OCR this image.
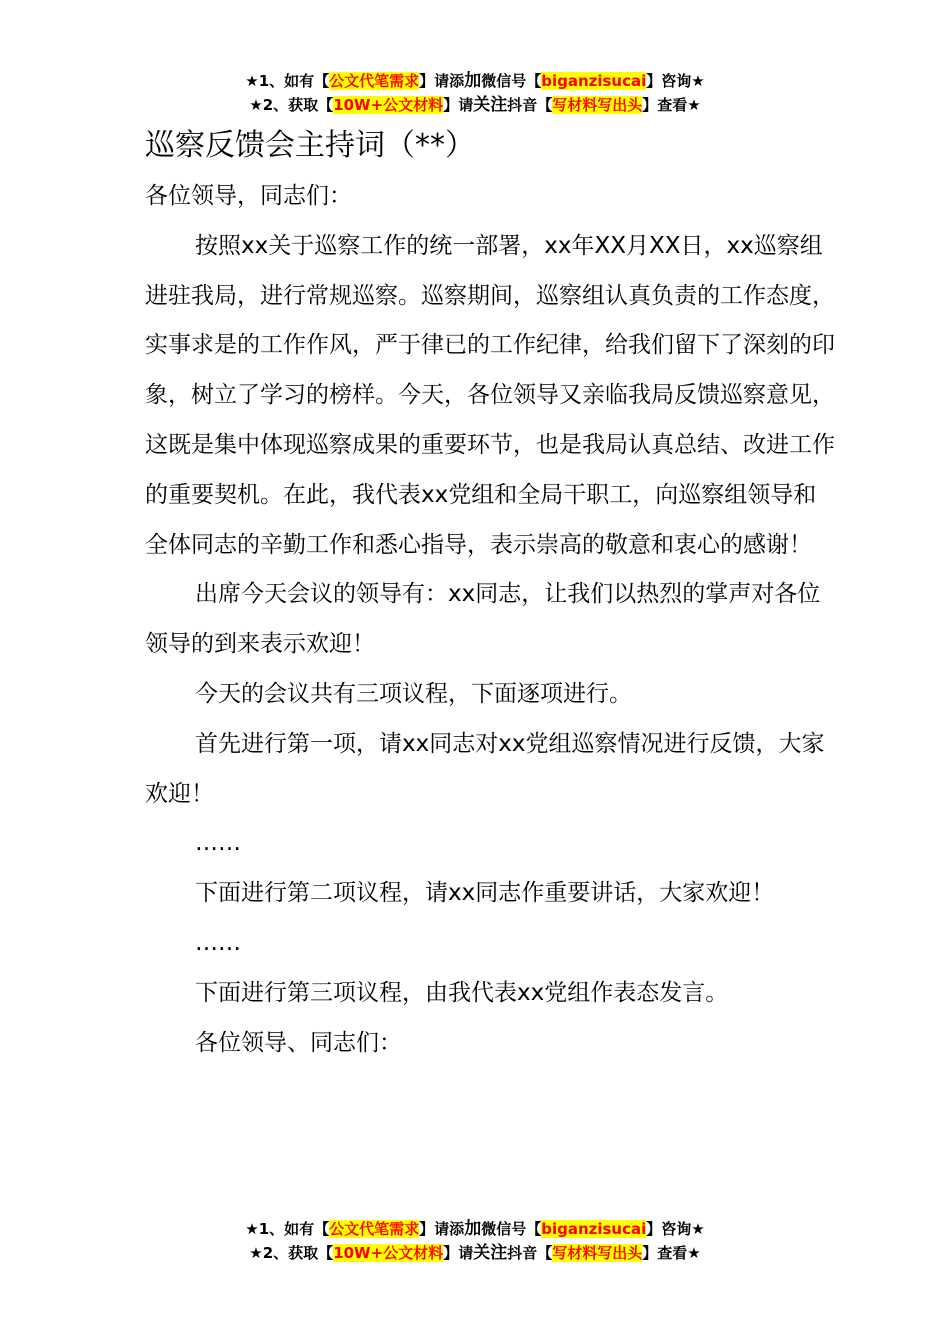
★1、如有【公文代笔需求】请添加微信号【biganzisucai】咨询★
★2、获取【10W+公文材料】请关注抖音【写材料写出头】查看★
巡察反馈会主持词（**）

各位领导，同志们：

按照xx关于巡察工作的统一部署，xx年XX月XX日，xx巡察组进驻我局，进行常规巡察。巡察期间，巡察组认真负责的工作态度，实事求是的工作作风，严于律已的工作纪律，给我们留下了深刻的印象，树立了学习的榜样。今天，各位领导又亲临我局反馈巡察意见，这既是集中体现巡察成果的重要环节，也是我局认真总结、改进工作的重要契机。在此，我代表xx党组和全局干职工，向巡察组领导和全体同志的辛勤工作和悉心指导，表示崇高的敬意和衷心的感谢！

出席今天会议的领导有：xx同志，让我们以热烈的掌声对各位领导的到来表示欢迎！

今天的会议共有三项议程，下面逐项进行。

首先进行第一项，请xx同志对xx党组巡察情况进行反馈，大家欢迎！

……

下面进行第二项议程，请xx同志作重要讲话，大家欢迎！

……

下面进行第三项议程，由我代表xx党组作表态发言。

各位领导、同志们：

★1、如有【公文代笔需求】请添加微信号【biganzisucai】咨询★
★2、获取【10W+公文材料】请关注抖音【写材料写出头】查看★
